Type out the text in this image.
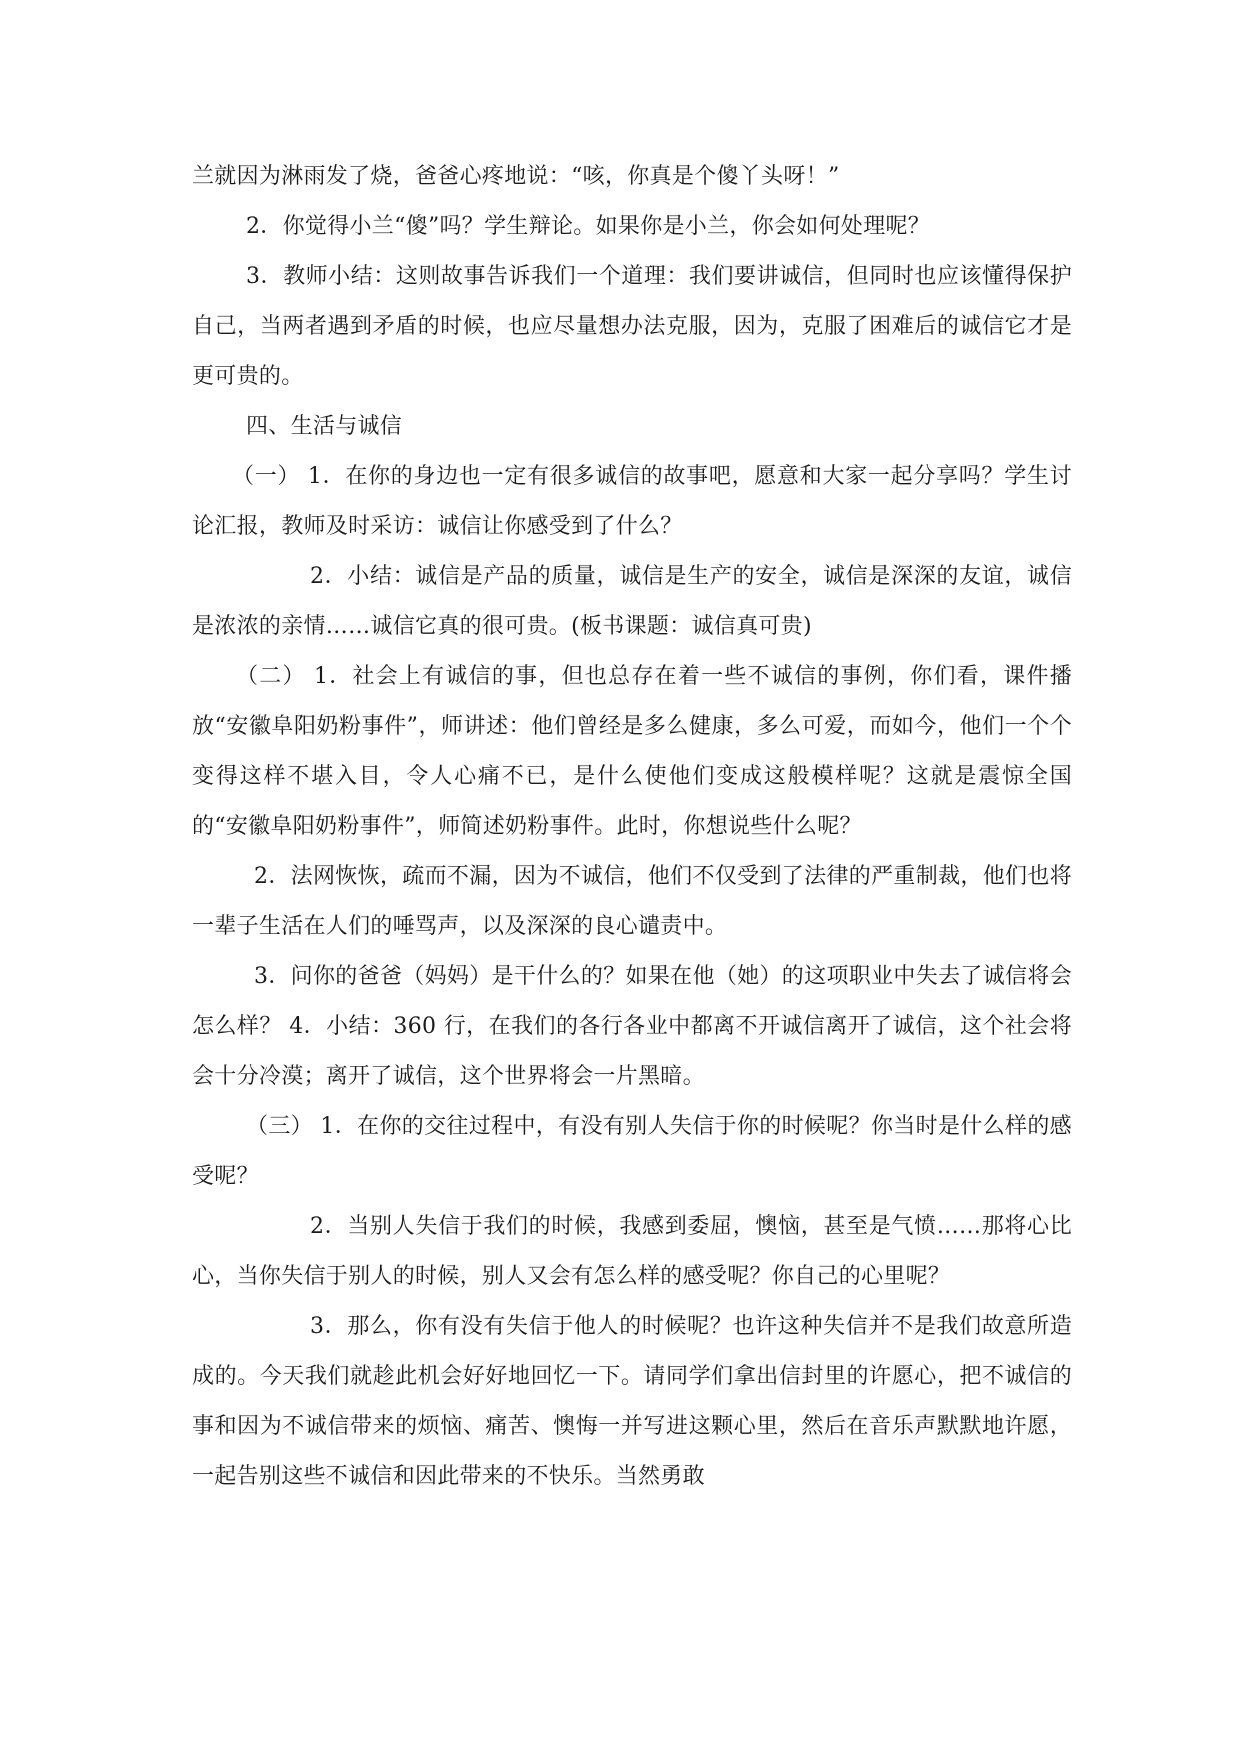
兰就因为淋雨发了烧，爸爸心疼地说：“咳，你真是个傻丫头呀！”

2．你觉得小兰“傻”吗？学生辩论。如果你是小兰，你会如何处理呢？

3．教师小结：这则故事告诉我们一个道理：我们要讲诚信，但同时也应该懂得保护自己，当两者遇到矛盾的时候，也应尽量想办法克服，因为，克服了困难后的诚信它才是更可贵的。

四、生活与诚信

（一） 1．在你的身边也一定有很多诚信的故事吧，愿意和大家一起分享吗？学生讨论汇报，教师及时采访：诚信让你感受到了什么？

2．小结：诚信是产品的质量，诚信是生产的安全，诚信是深深的友谊，诚信是浓浓的亲情……诚信它真的很可贵。(板书课题：诚信真可贵)

（二） 1．社会上有诚信的事，但也总存在着一些不诚信的事例，你们看，课件播放“安徽阜阳奶粉事件”，师讲述：他们曾经是多么健康，多么可爱，而如今，他们一个个变得这样不堪入目，令人心痛不已，是什么使他们变成这般模样呢？这就是震惊全国的“安徽阜阳奶粉事件”，师简述奶粉事件。此时，你想说些什么呢？

2．法网恢恢，疏而不漏，因为不诚信，他们不仅受到了法律的严重制裁，他们也将一辈子生活在人们的唾骂声，以及深深的良心谴责中。

3．问你的爸爸（妈妈）是干什么的？如果在他（她）的这项职业中失去了诚信将会怎么样？ 4．小结：360 行，在我们的各行各业中都离不开诚信离开了诚信，这个社会将会十分冷漠；离开了诚信，这个世界将会一片黑暗。

（三） 1．在你的交往过程中，有没有别人失信于你的时候呢？你当时是什么样的感受呢？

2．当别人失信于我们的时候，我感到委屈，懊恼，甚至是气愤……那将心比心，当你失信于别人的时候，别人又会有怎么样的感受呢？你自己的心里呢？

3．那么，你有没有失信于他人的时候呢？也许这种失信并不是我们故意所造成的。今天我们就趁此机会好好地回忆一下。请同学们拿出信封里的许愿心，把不诚信的事和因为不诚信带来的烦恼、痛苦、懊悔一并写进这颗心里，然后在音乐声默默地许愿，一起告别这些不诚信和因此带来的不快乐。当然勇敢
